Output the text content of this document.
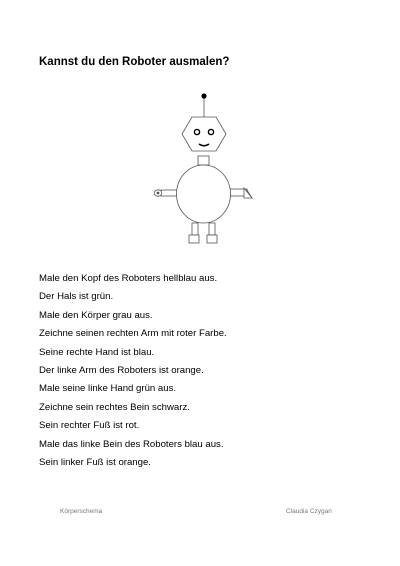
Kannst du den Roboter ausmalen?
Male den Kopf des Roboters hellblau aus.
Der Hals ist grün.
Male den Körper grau aus.
Zeichne seinen rechten Arm mit roter Farbe.
Seine rechte Hand ist blau.
Der linke Arm des Roboters ist orange.
Male seine linke Hand grün aus.
Zeichne sein rechtes Bein schwarz.
Sein rechter Fuß ist rot.
Male das linke Bein des Roboters blau aus.
Sein linker Fuß ist orange.
Körperschema	Claudia Czygan
